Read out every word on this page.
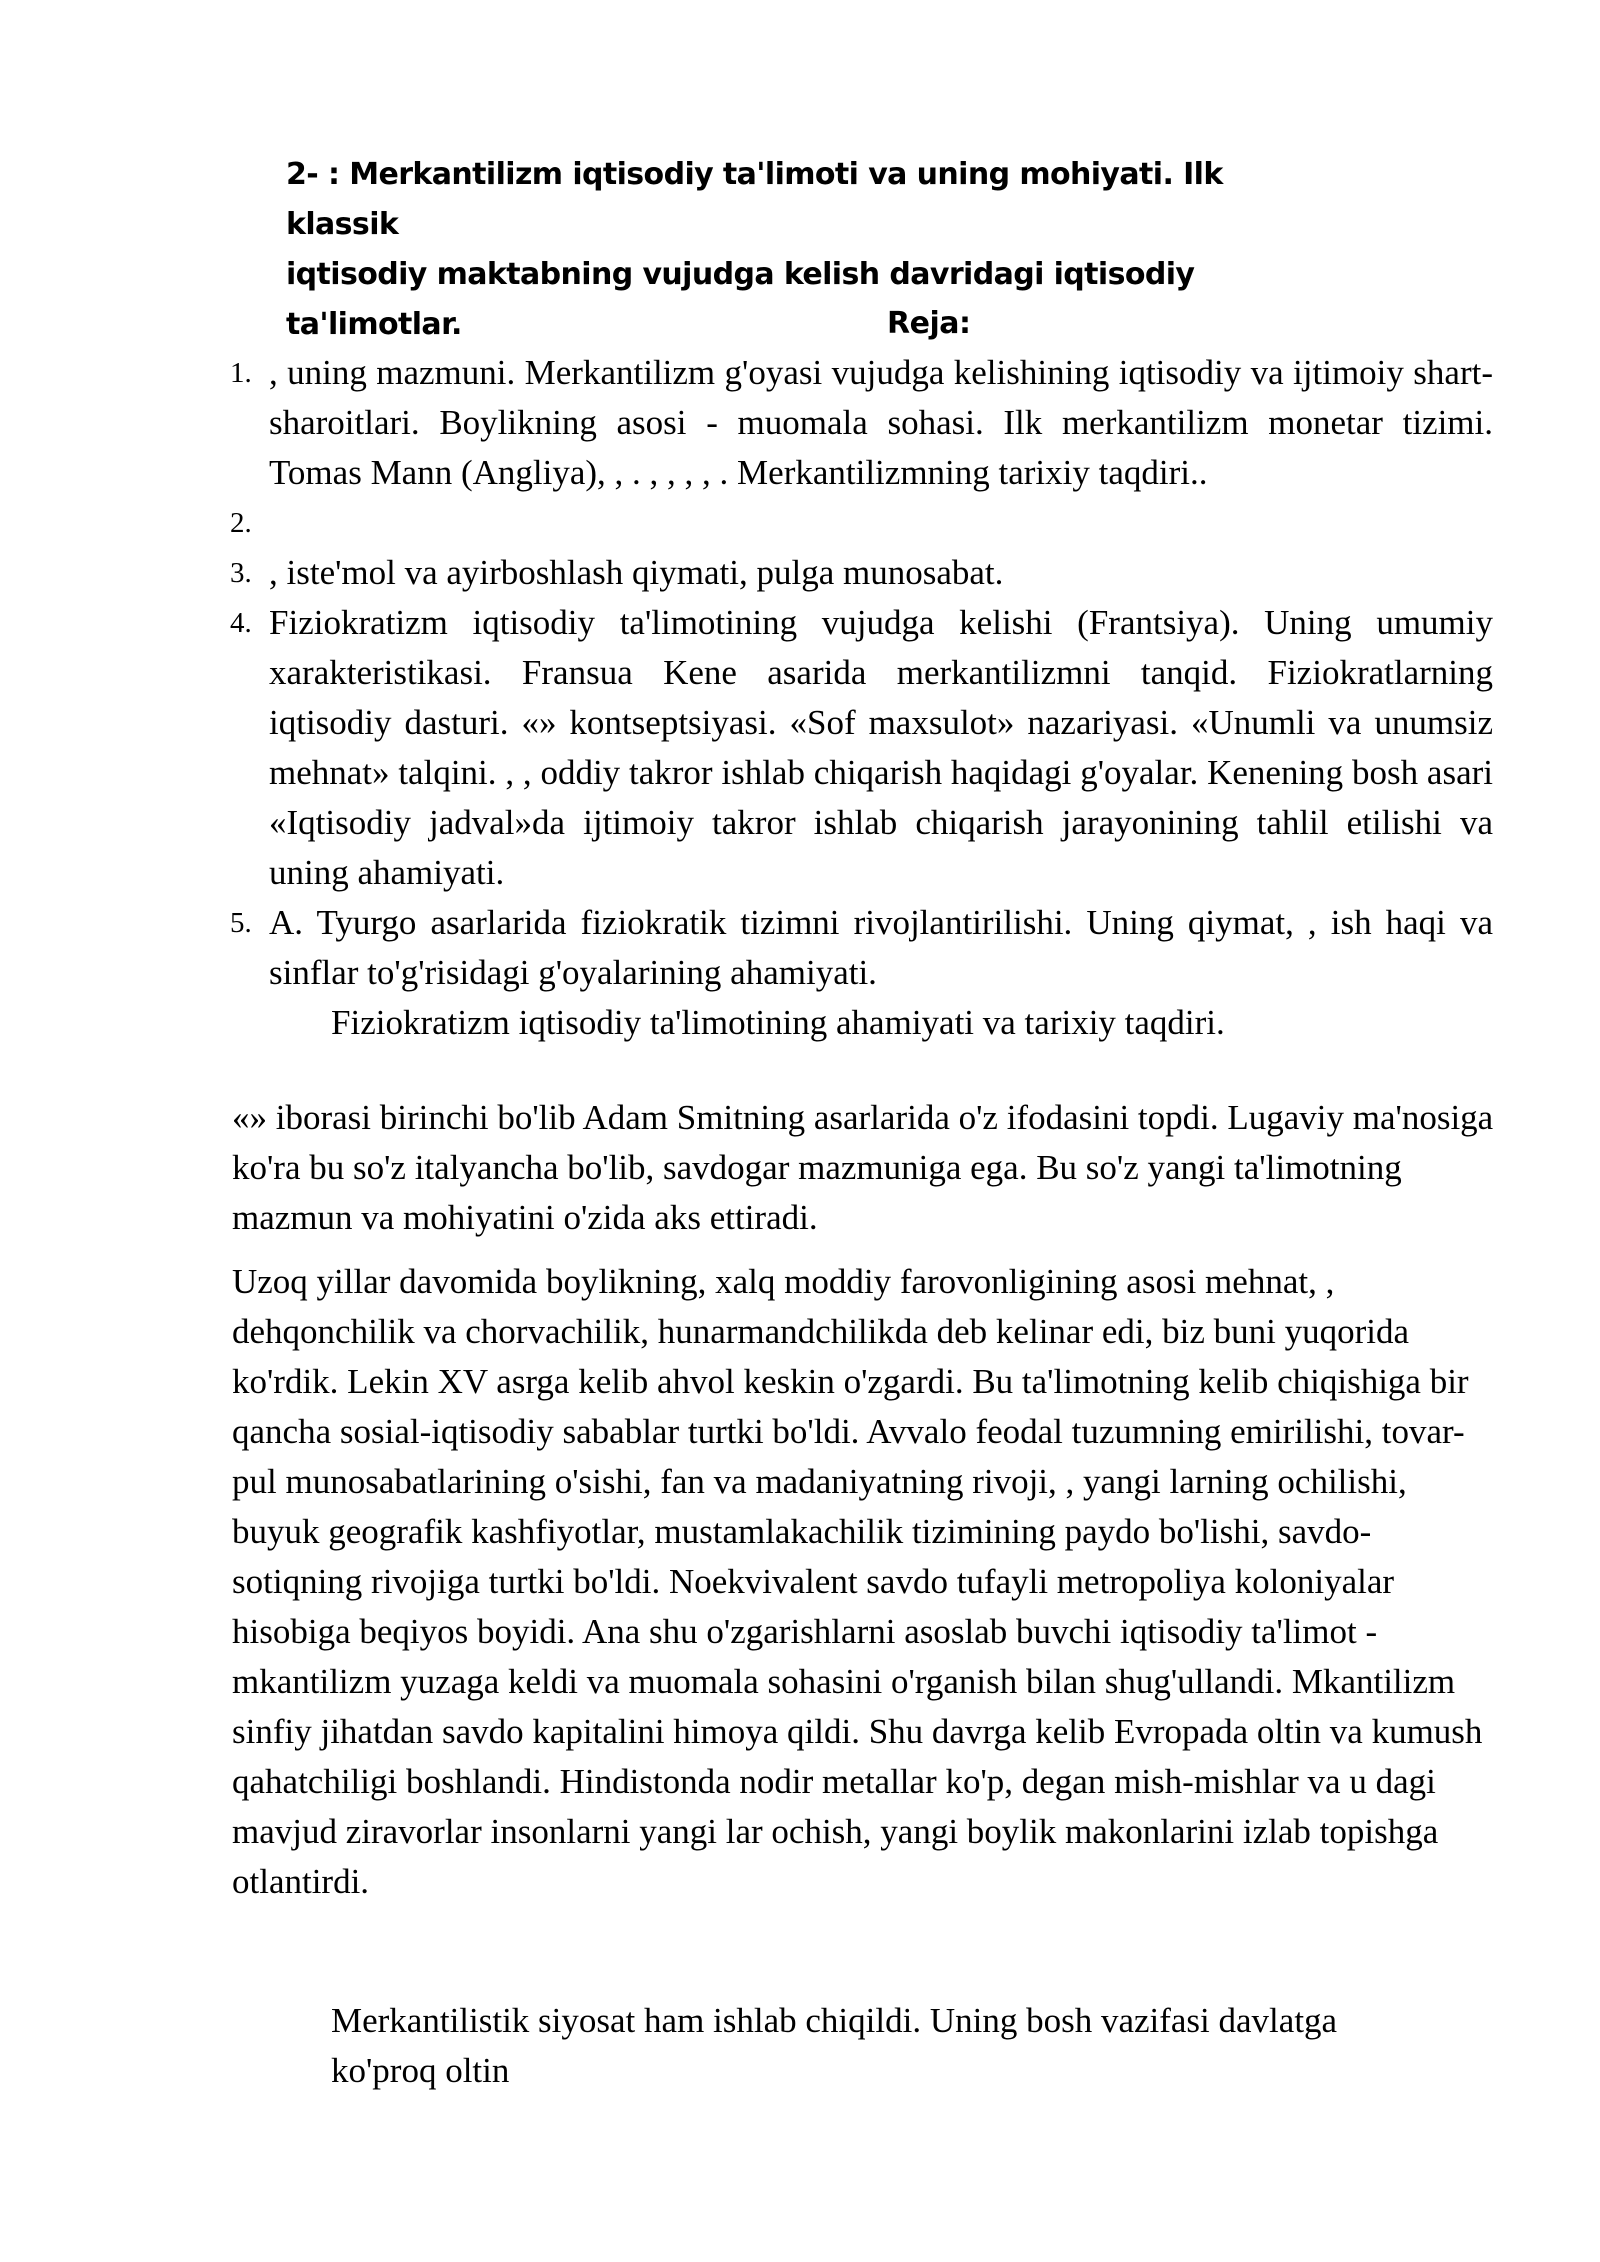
2- : Merkantilizm iqtisodiy ta'limoti va uning mohiyati. Ilk klassik
iqtisodiy maktabning vujudga kelish davridagi iqtisodiy ta'limotlar.	Reja:
1. , uning mazmuni. Merkantilizm g'oyasi vujudga kelishining iqtisodiy va ijtimoiy shart-sharoitlari. Boylikning asosi - muomala sohasi. Ilk merkantilizm monetar tizimi. Tomas Mann (Angliya), , . , , , , . Merkantilizmning tarixiy taqdiri..
2.
3. , iste'mol va ayirboshlash qiymati, pulga munosabat.
4. Fiziokratizm iqtisodiy ta'limotining vujudga kelishi (Frantsiya). Uning umumiy xarakteristikasi. Fransua Kene asarida merkantilizmni tanqid. Fiziokratlarning iqtisodiy dasturi. «» kontseptsiyasi. «Sof maxsulot» nazariyasi. «Unumli va unumsiz mehnat» talqini. , , oddiy takror ishlab chiqarish haqidagi g'oyalar. Kenening bosh asari «Iqtisodiy jadval»da ijtimoiy takror ishlab chiqarish jarayonining tahlil etilishi va uning ahamiyati.
5. A. Tyurgo asarlarida fiziokratik tizimni rivojlantirilishi. Uning qiymat, , ish haqi va sinflar to'g'risidagi g'oyalarining ahamiyati.
Fiziokratizm iqtisodiy ta'limotining ahamiyati va tarixiy taqdiri.

«» iborasi birinchi bo'lib Adam Smitning asarlarida o'z ifodasini topdi. Lugaviy ma'nosiga ko'ra bu so'z italyancha bo'lib, savdogar mazmuniga ega. Bu so'z yangi ta'limotning mazmun va mohiyatini o'zida aks ettiradi.

Uzoq yillar davomida boylikning, xalq moddiy farovonligining asosi mehnat, , dehqonchilik va chorvachilik, hunarmandchilikda deb kelinar edi, biz buni yuqorida ko'rdik. Lekin XV asrga kelib ahvol keskin o'zgardi. Bu ta'limotning kelib chiqishiga bir qancha sosial-iqtisodiy sabablar turtki bo'ldi. Avvalo feodal tuzumning emirilishi, tovar-pul munosabatlarining o'sishi, fan va madaniyatning rivoji, , yangi larning ochilishi, buyuk geografik kashfiyotlar, mustamlakachilik tizimining paydo bo'lishi, savdo- sotiqning rivojiga turtki bo'ldi. Noekvivalent savdo tufayli metropoliya koloniyalar hisobiga beqiyos boyidi. Ana shu o'zgarishlarni asoslab buvchi iqtisodiy ta'limot - mkantilizm yuzaga keldi va muomala sohasini o'rganish bilan shug'ullandi. Mkantilizm sinfiy jihatdan savdo kapitalini himoya qildi. Shu davrga kelib Evropada oltin va kumush qahatchiligi boshlandi. Hindistonda nodir metallar ko'p, degan mish-mishlar va u dagi mavjud ziravorlar insonlarni yangi lar ochish, yangi boylik makonlarini izlab topishga otlantirdi.

Merkantilistik siyosat ham ishlab chiqildi. Uning bosh vazifasi davlatga ko'proq oltin
